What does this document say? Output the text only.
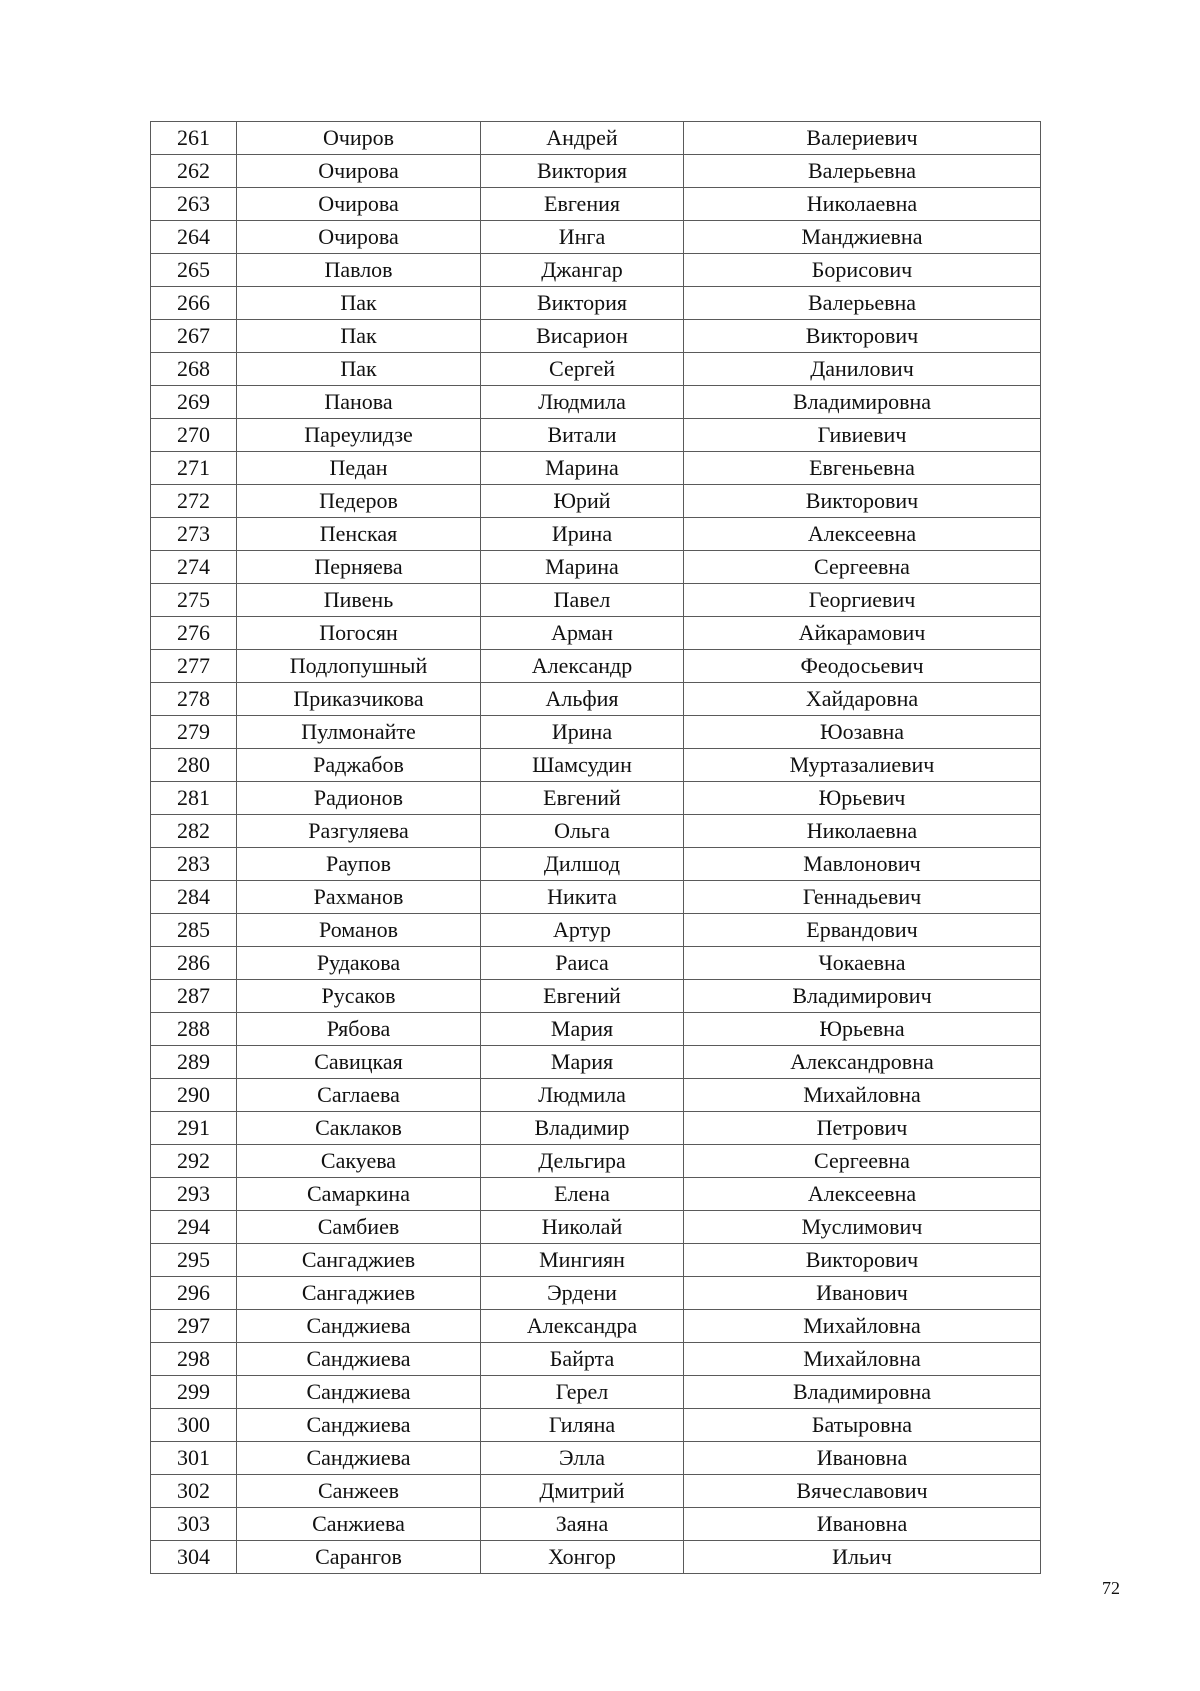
261	Очиров	Андрей	Валериевич
262	Очирова	Виктория	Валерьевна
263	Очирова	Евгения	Николаевна
264	Очирова	Инга	Манджиевна
265	Павлов	Джангар	Борисович
266	Пак	Виктория	Валерьевна
267	Пак	Висарион	Викторович
268	Пак	Сергей	Данилович
269	Панова	Людмила	Владимировна
270	Пареулидзе	Витали	Гивиевич
271	Педан	Марина	Евгеньевна
272	Педеров	Юрий	Викторович
273	Пенская	Ирина	Алексеевна
274	Перняева	Марина	Сергеевна
275	Пивень	Павел	Георгиевич
276	Погосян	Арман	Айкарамович
277	Подлопушный	Александр	Феодосьевич
278	Приказчикова	Альфия	Хайдаровна
279	Пулмонайте	Ирина	Юозавна
280	Раджабов	Шамсудин	Муртазалиевич
281	Радионов	Евгений	Юрьевич
282	Разгуляева	Ольга	Николаевна
283	Раупов	Дилшод	Мавлонович
284	Рахманов	Никита	Геннадьевич
285	Романов	Артур	Ервандович
286	Рудакова	Раиса	Чокаевна
287	Русаков	Евгений	Владимирович
288	Рябова	Мария	Юрьевна
289	Савицкая	Мария	Александровна
290	Саглаева	Людмила	Михайловна
291	Саклаков	Владимир	Петрович
292	Сакуева	Дельгира	Сергеевна
293	Самаркина	Елена	Алексеевна
294	Самбиев	Николай	Муслимович
295	Сангаджиев	Мингиян	Викторович
296	Сангаджиев	Эрдени	Иванович
297	Санджиева	Александра	Михайловна
298	Санджиева	Байрта	Михайловна
299	Санджиева	Герел	Владимировна
300	Санджиева	Гиляна	Батыровна
301	Санджиева	Элла	Ивановна
302	Санжеев	Дмитрий	Вячеславович
303	Санжиева	Заяна	Ивановна
304	Сарангов	Хонгор	Ильич
72
